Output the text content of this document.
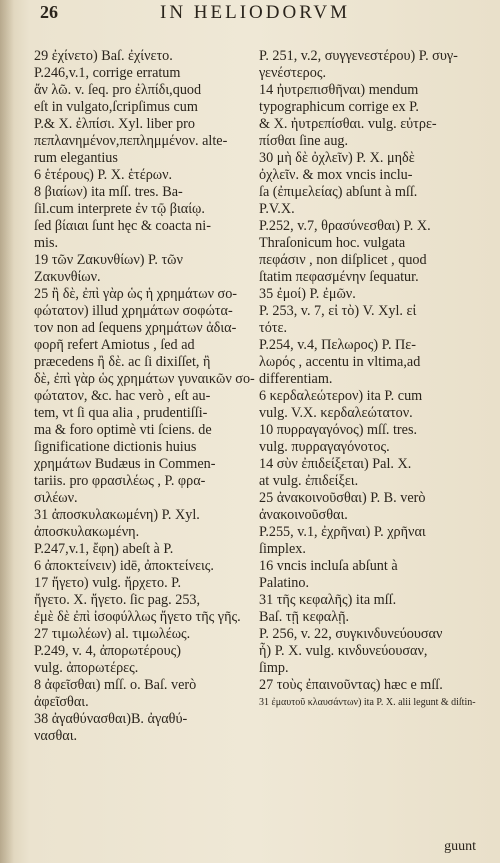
26	IN HELIODORVM

29 ἐχίνετο) Baſ. ἐχίνετο.

P.246,v.1, corrige erratum

ἄν λῶ. v. ſeq. pro ἐλπίδι,quod

eſt in vulgato,ſcripſimus cum

P.& X. ἐλπίσι. Xyl. liber pro

πεπλανημένον,πεπλημμένον. alte-

rum elegantius

6 ἑτέρους) P. X. ἑτέρων.

8 βιαίων) ita mſſ. tres. Ba-

ſil.cum interprete ἐν τῷ βιαίῳ.

ſed βίαιαι ſunt hęc & coacta ni-

mis.

19 τῶν Ζακυνθίων) P. τῶν

Ζακυνθίων.

25 ἢ δὲ, ἐπὶ γὰρ ὡς ἡ χρημάτων σο-

φώτατον) illud χρημάτων σοφώτα-

τον non ad ſequens χρημάτων ἀδια-

φορῆ refert Amiotus , ſed ad

præcedens ἢ δὲ. ac ſi dixiſſet, ἢ

δὲ, ἐπὶ γὰρ ὡς χρημάτων γυναικῶν σο-

φώτατον, &c. hac verò , eſt au-

tem, vt ſi qua alia , prudentiſſi-

ma & foro optimè vti ſciens. de

ſignificatione dictionis huius

χρημάτων Budæus in Commen-

tariis. pro φρασιλέως , P. φρα-

σιλέων.

31 ἀποσκυλακωμένη) P. Xyl.

ἀποσκυλακωμένη.

P.247,v.1, ἔφη) abeſt à P.

6 ἀποκτείνειν) idē, ἀποκτείνεις.

17 ἤγετο) vulg. ἤρχετο. P.

ἤγετο. X. ἤγετο. ſic pag. 253,

ἐμὲ δὲ ἐπὶ ἰσοφύλλως ἤγετο τῆς γῆς.

27 τιμωλέων) al. τιμωλέως.

P.249, v. 4, ἀπορωτέρους)

vulg. ἀπορωτέρες.

8 ἀφεῖσθαι) mſſ. o. Baſ. verò

ἀφεῖσθαι.

38 ἀγαθύνασθαι)B. ἀγαθύ-

νασθαι.

P. 251, v.2, συγγενεστέρου) P. συγ-

γενέστερος.

14 ἠυτρεπισθῆναι) mendum

typographicum corrige ex P.

& X. ἠυτρεπίσθαι. vulg. εὐτρε-

πίσθαι ſine aug.

30 μὴ δὲ ὀχλεῖν) P. X. μηδὲ

ὀχλεῖν. & mox vncis inclu-

ſa (ἐπιμελείας) abſunt à mſſ.

P.V.X.

P.252, v.7, θρασύνεσθαι) P. X.

Thraſonicum hoc. vulgata

πεφάσιν , non diſplicet , quod

ſtatim πεφασμένην ſequatur.

35 ἐμοί) P. ἐμῶν.

P. 253, v. 7, εἰ τὸ) V. Xyl. εἰ

τότε.

P.254, v.4, Πελωρος) P. Πε-

λωρός , accentu in vltima,ad

differentiam.

6 κερδαλεώτερον) ita P. cum

vulg. V.X. κερδαλεώτατον.

10 πυρραγαγόνος) mſſ. tres.

vulg. πυρραγαγόνοτος.

14 σὺν ἐπιδείξεται) Pal. X.

at vulg. ἐπιδείξει.

25 ἀνακοινοῦσθαι) P. B. verò

ἀνακοινοῦσθαι.

P.255, v.1, ἐχρῆναι) P. χρῆναι

ſimplex.

16 vncis incluſa abſunt à

Palatino.

31 τῆς κεφαλῆς) ita mſſ.

Baſ. τῇ κεφαλῇ.

P. 256, v. 22, συγκινδυνεύουσαν

ἧ) P. X. vulg. κινδυνεύουσαν,

ſimp.

27 τοὺς ἐπαινοῦντας) hæc e mſſ.

31 ἐμαυτοῦ κλαυσάντων) ita P. X. alii legunt & diſtin-

guunt
